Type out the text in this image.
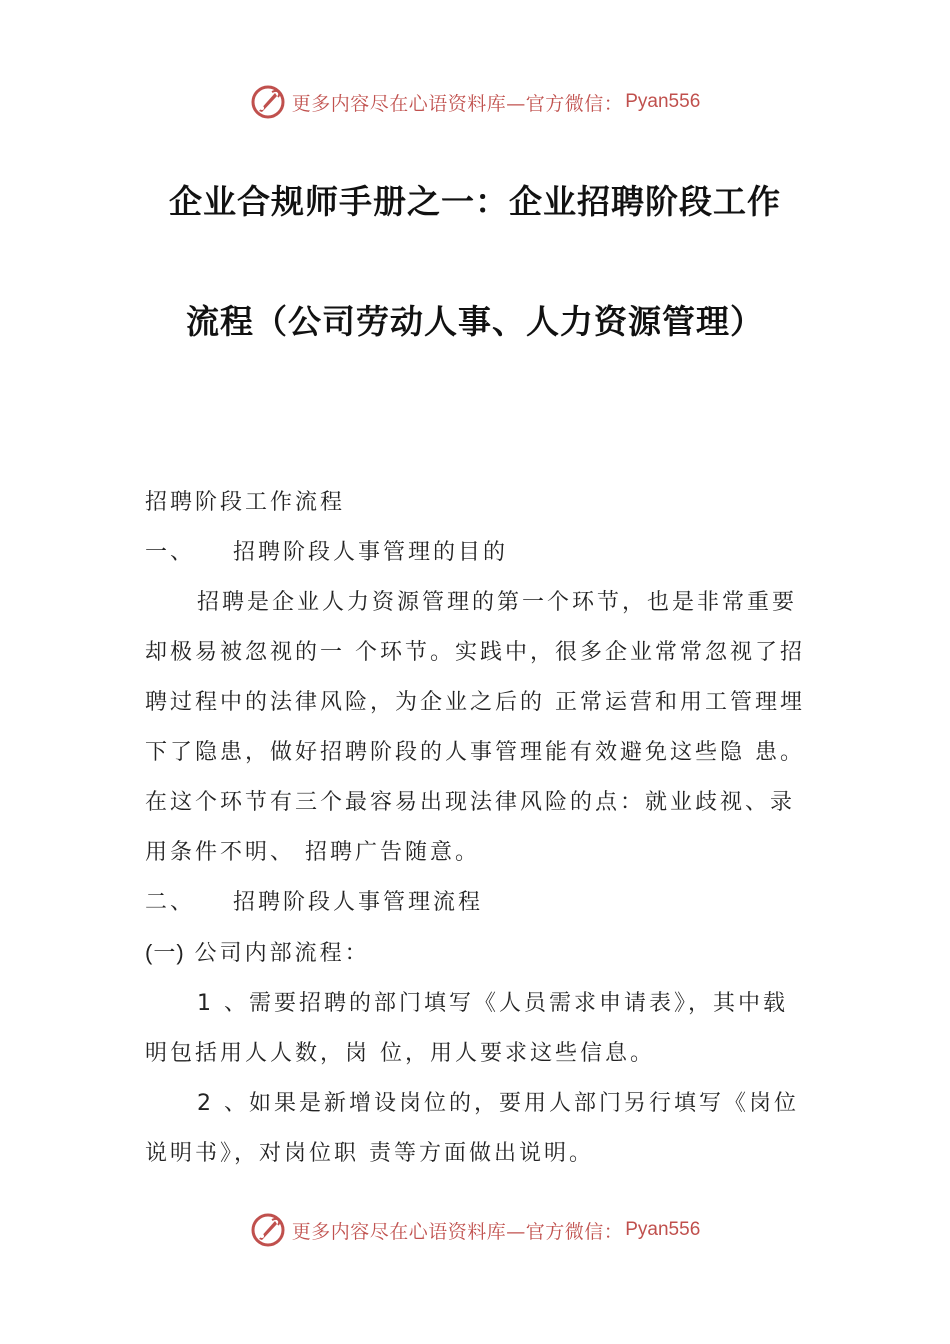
更多内容尽在心语资料库—官方微信： Pyan556
企业合规师手册之一：企业招聘阶段工作
流程（公司劳动人事、人力资源管理）

招聘阶段工作流程

一、 招聘阶段人事管理的目的

招聘是企业人力资源管理的第一个环节，也是非常重要却极易被忽视的一 个环节。实践中，很多企业常常忽视了招聘过程中的法律风险，为企业之后的 正常运营和用工管理埋下了隐患，做好招聘阶段的人事管理能有效避免这些隐 患。在这个环节有三个最容易出现法律风险的点：就业歧视、录用条件不明、 招聘广告随意。

二、 招聘阶段人事管理流程

(一) 公司内部流程：

1 、需要招聘的部门填写《人员需求申请表》，其中载明包括用人人数，岗 位，用人要求这些信息。

2 、如果是新增设岗位的，要用人部门另行填写《岗位说明书》，对岗位职 责等方面做出说明。

更多内容尽在心语资料库—官方微信： Pyan556
